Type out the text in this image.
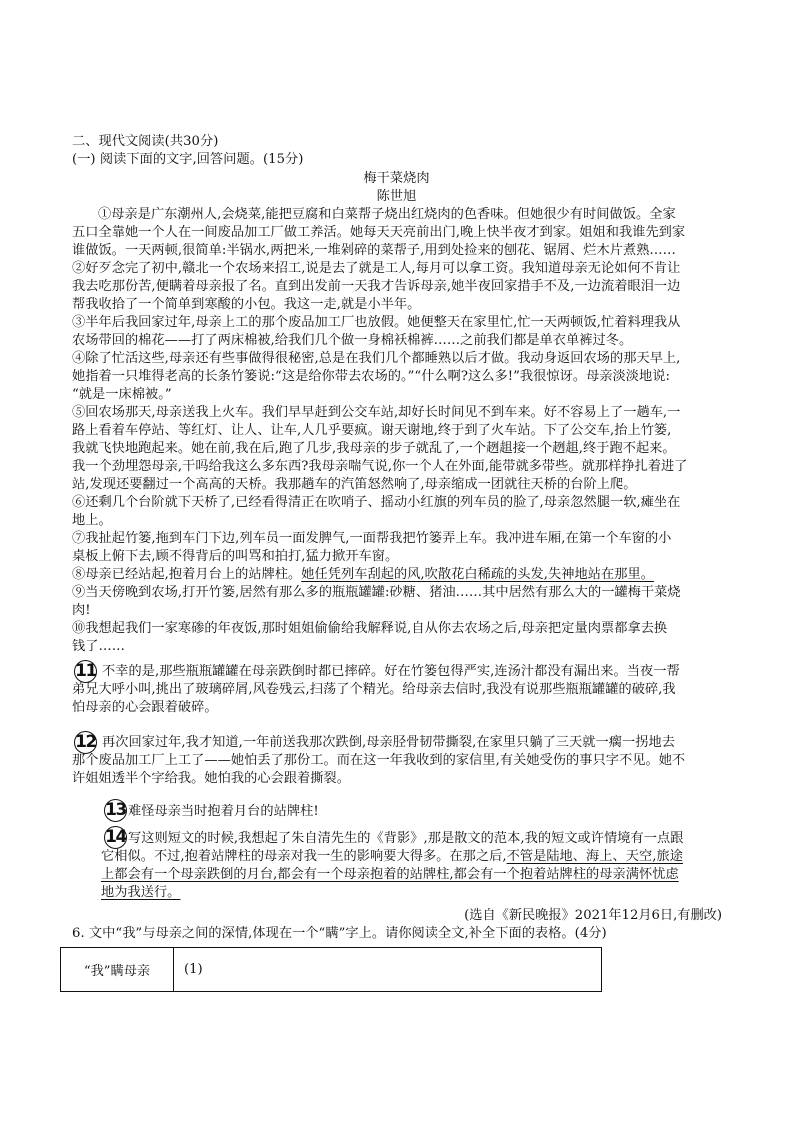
二、现代文阅读(共30分)
(一) 阅读下面的文字,回答问题。(15分)
梅干菜烧肉
陈世旭
①母亲是广东潮州人,会烧菜,能把豆腐和白菜帮子烧出红烧肉的色香味。但她很少有时间做饭。全家
五口全靠她一个人在一间废品加工厂做工养活。她每天天亮前出门,晚上快半夜才到家。姐姐和我谁先到家
谁做饭。一天两顿,很简单:半锅水,两把米,一堆剁碎的菜帮子,用到处捡来的刨花、锯屑、烂木片煮熟……
②好歹念完了初中,赣北一个农场来招工,说是去了就是工人,每月可以拿工资。我知道母亲无论如何不肯让
我去吃那份苦,便瞒着母亲报了名。直到出发前一天我才告诉母亲,她半夜回家措手不及,一边流着眼泪一边
帮我收拾了一个简单到寒酸的小包。我这一走,就是小半年。
③半年后我回家过年,母亲上工的那个废品加工厂也放假。她便整天在家里忙,忙一天两顿饭,忙着料理我从
农场带回的棉花——打了两床棉被,给我们几个做一身棉袄棉裤……之前我们都是单衣单裤过冬。
④除了忙活这些,母亲还有些事做得很秘密,总是在我们几个都睡熟以后才做。我动身返回农场的那天早上,
她指着一只堆得老高的长条竹篓说:“这是给你带去农场的。”“什么啊?这么多!”我很惊讶。母亲淡淡地说:
“就是一床棉被。”
⑤回农场那天,母亲送我上火车。我们早早赶到公交车站,却好长时间见不到车来。好不容易上了一趟车,一
路上看着车停站、等红灯、让人、让车,人几乎要疯。谢天谢地,终于到了火车站。下了公交车,抬上竹篓,
我就飞快地跑起来。她在前,我在后,跑了几步,我母亲的步子就乱了,一个趔趄接一个趔趄,终于跑不起来。
我一个劲埋怨母亲,干吗给我这么多东西?我母亲喘气说,你一个人在外面,能带就多带些。就那样挣扎着进了
站,发现还要翻过一个高高的天桥。我那趟车的汽笛怒然响了,母亲缩成一团就往天桥的台阶上爬。
⑥还剩几个台阶就下天桥了,已经看得清正在吹哨子、摇动小红旗的列车员的脸了,母亲忽然腿一软,瘫坐在
地上。
⑦我扯起竹篓,拖到车门下边,列车员一面发脾气,一面帮我把竹篓弄上车。我冲进车厢,在第一个车窗的小
桌板上俯下去,顾不得背后的叫骂和拍打,猛力掀开车窗。
⑧母亲已经站起,抱着月台上的站牌柱。她任凭列车刮起的风,吹散花白稀疏的头发,失神地站在那里。
⑨当天傍晚到农场,打开竹篓,居然有那么多的瓶瓶罐罐:砂糖、猪油……其中居然有那么大的一罐梅干菜烧
肉!
⑩我想起我们一家寒碜的年夜饭,那时姐姐偷偷给我解释说,自从你去农场之后,母亲把定量肉票都拿去换
钱了……
11 不幸的是,那些瓶瓶罐罐在母亲跌倒时都已摔碎。好在竹篓包得严实,连汤汁都没有漏出来。当夜一帮
弟兄大呼小叫,挑出了玻璃碎屑,风卷残云,扫荡了个精光。给母亲去信时,我没有说那些瓶瓶罐罐的破碎,我
怕母亲的心会跟着破碎。
12 再次回家过年,我才知道,一年前送我那次跌倒,母亲胫骨韧带撕裂,在家里只躺了三天就一瘸一拐地去
那个废品加工厂上工了——她怕丢了那份工。而在这一年我收到的家信里,有关她受伤的事只字不见。她不
许姐姐透半个字给我。她怕我的心会跟着撕裂。
13 难怪母亲当时抱着月台的站牌柱!
14 写这则短文的时候,我想起了朱自清先生的《背影》,那是散文的范本,我的短文或许情境有一点跟
它相似。不过,抱着站牌柱的母亲对我一生的影响要大得多。在那之后,不管是陆地、海上、天空,旅途
上都会有一个母亲跌倒的月台,都会有一个母亲抱着的站牌柱,都会有一个抱着站牌柱的母亲满怀忧虑
地为我送行。
(选自《新民晚报》2021年12月6日,有删改)
6. 文中“我”与母亲之间的深情,体现在一个“瞒”字上。请你阅读全文,补全下面的表格。(4分)
“我”瞒母亲	(1)
